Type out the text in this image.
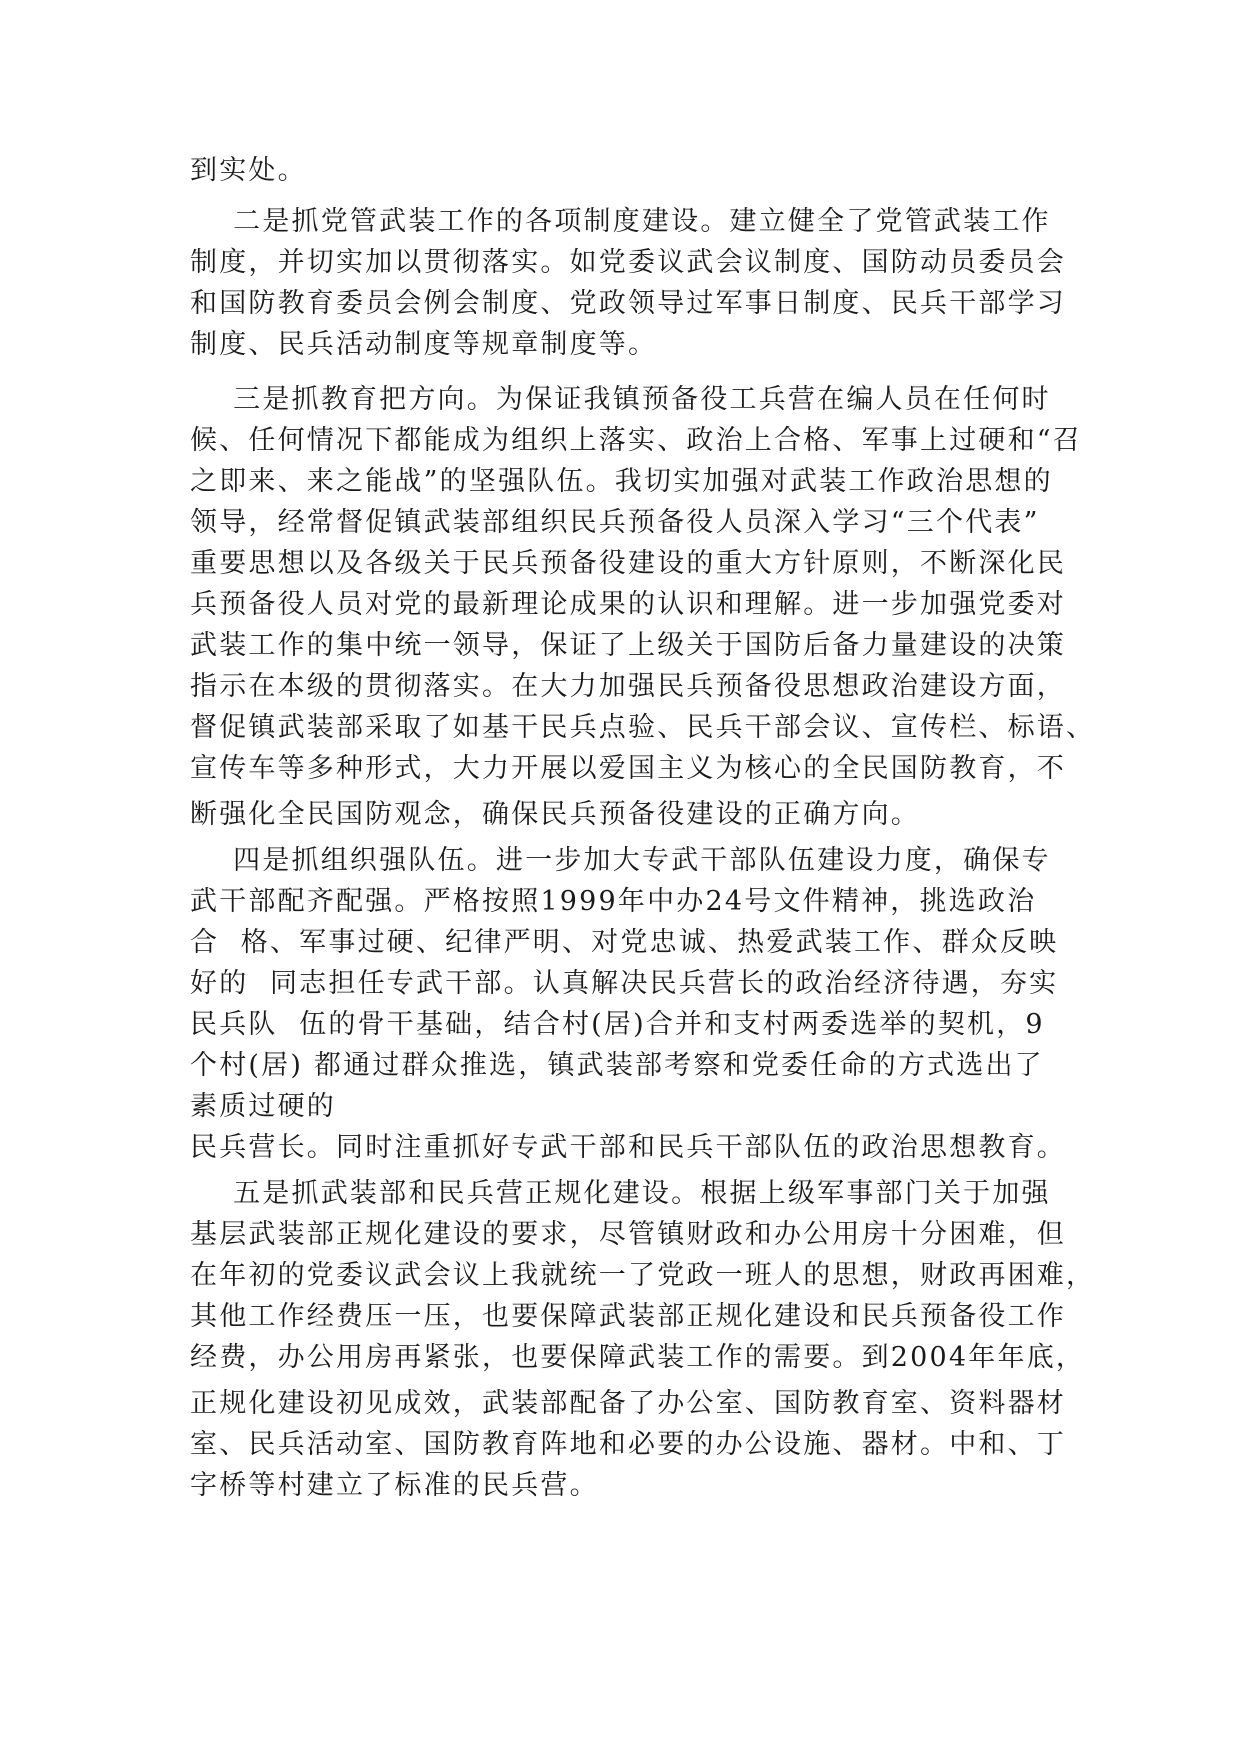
到实处。
二是抓党管武装工作的各项制度建设。建立健全了党管武装工作
制度，并切实加以贯彻落实。如党委议武会议制度、国防动员委员会
和国防教育委员会例会制度、党政领导过军事日制度、民兵干部学习
制度、民兵活动制度等规章制度等。
三是抓教育把方向。为保证我镇预备役工兵营在编人员在任何时
候、任何情况下都能成为组织上落实、政治上合格、军事上过硬和“召
之即来、来之能战”的坚强队伍。我切实加强对武装工作政治思想的
领导，经常督促镇武装部组织民兵预备役人员深入学习“三个代表”
重要思想以及各级关于民兵预备役建设的重大方针原则，不断深化民
兵预备役人员对党的最新理论成果的认识和理解。进一步加强党委对
武装工作的集中统一领导，保证了上级关于国防后备力量建设的决策
指示在本级的贯彻落实。在大力加强民兵预备役思想政治建设方面，
督促镇武装部采取了如基干民兵点验、民兵干部会议、宣传栏、标语、
宣传车等多种形式，大力开展以爱国主义为核心的全民国防教育，不
断强化全民国防观念，确保民兵预备役建设的正确方向。
四是抓组织强队伍。进一步加大专武干部队伍建设力度，确保专
武干部配齐配强。严格按照1999年中办24号文件精神，挑选政治
合  格、军事过硬、纪律严明、对党忠诚、热爱武装工作、群众反映
好的  同志担任专武干部。认真解决民兵营长的政治经济待遇，夯实
民兵队  伍的骨干基础，结合村(居)合并和支村两委选举的契机，9
个村(居) 都通过群众推选，镇武装部考察和党委任命的方式选出了
素质过硬的
民兵营长。同时注重抓好专武干部和民兵干部队伍的政治思想教育。
五是抓武装部和民兵营正规化建设。根据上级军事部门关于加强
基层武装部正规化建设的要求，尽管镇财政和办公用房十分困难，但
在年初的党委议武会议上我就统一了党政一班人的思想，财政再困难，
其他工作经费压一压，也要保障武装部正规化建设和民兵预备役工作
经费，办公用房再紧张，也要保障武装工作的需要。到2004年年底，
正规化建设初见成效，武装部配备了办公室、国防教育室、资料器材
室、民兵活动室、国防教育阵地和必要的办公设施、器材。中和、丁
字桥等村建立了标准的民兵营。
